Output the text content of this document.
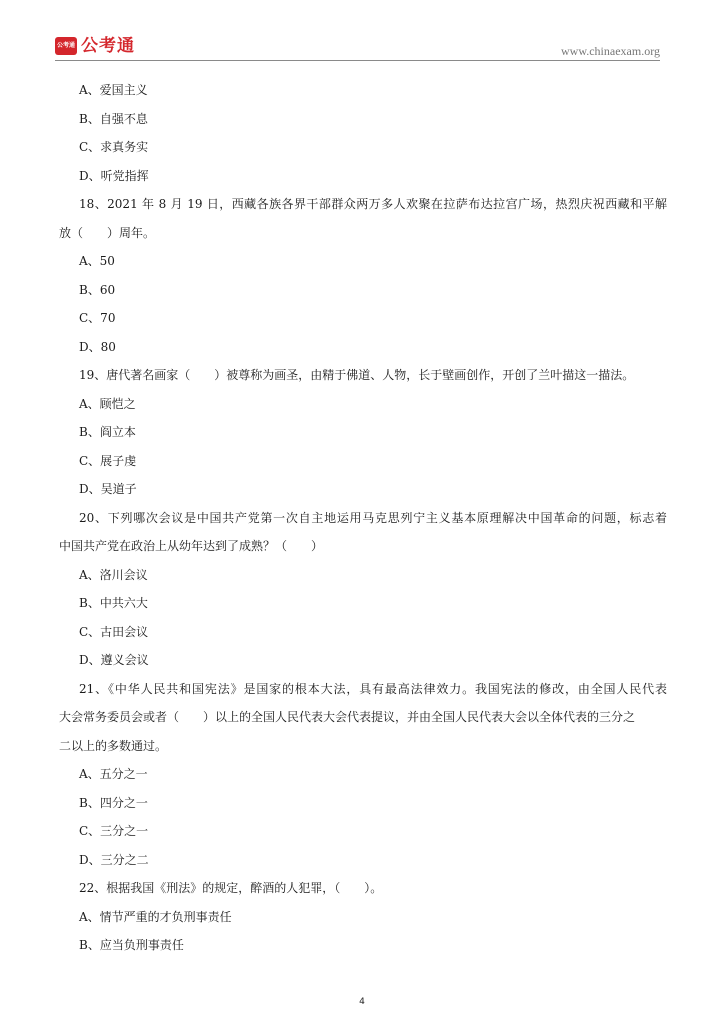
公考通 公考通	www.chinaexam.org

A、爱国主义

B、自强不息

C、求真务实

D、听党指挥

18、2021 年 8 月 19 日，西藏各族各界干部群众两万多人欢聚在拉萨布达拉宫广场，热烈庆祝西藏和平解

放（　　）周年。

A、50

B、60

C、70

D、80

19、唐代著名画家（　　）被尊称为画圣，由精于佛道、人物，长于壁画创作，开创了兰叶描这一描法。

A、顾恺之

B、阎立本

C、展子虔

D、吴道子

20、下列哪次会议是中国共产党第一次自主地运用马克思列宁主义基本原理解决中国革命的问题，标志着

中国共产党在政治上从幼年达到了成熟？（　　）

A、洛川会议

B、中共六大

C、古田会议

D、遵义会议

21、《中华人民共和国宪法》是国家的根本大法，具有最高法律效力。我国宪法的修改，由全国人民代表

大会常务委员会或者（　　）以上的全国人民代表大会代表提议，并由全国人民代表大会以全体代表的三分之

二以上的多数通过。

A、五分之一

B、四分之一

C、三分之一

D、三分之二

22、根据我国《刑法》的规定，醉酒的人犯罪，（　　）。

A、情节严重的才负刑事责任

B、应当负刑事责任

4
